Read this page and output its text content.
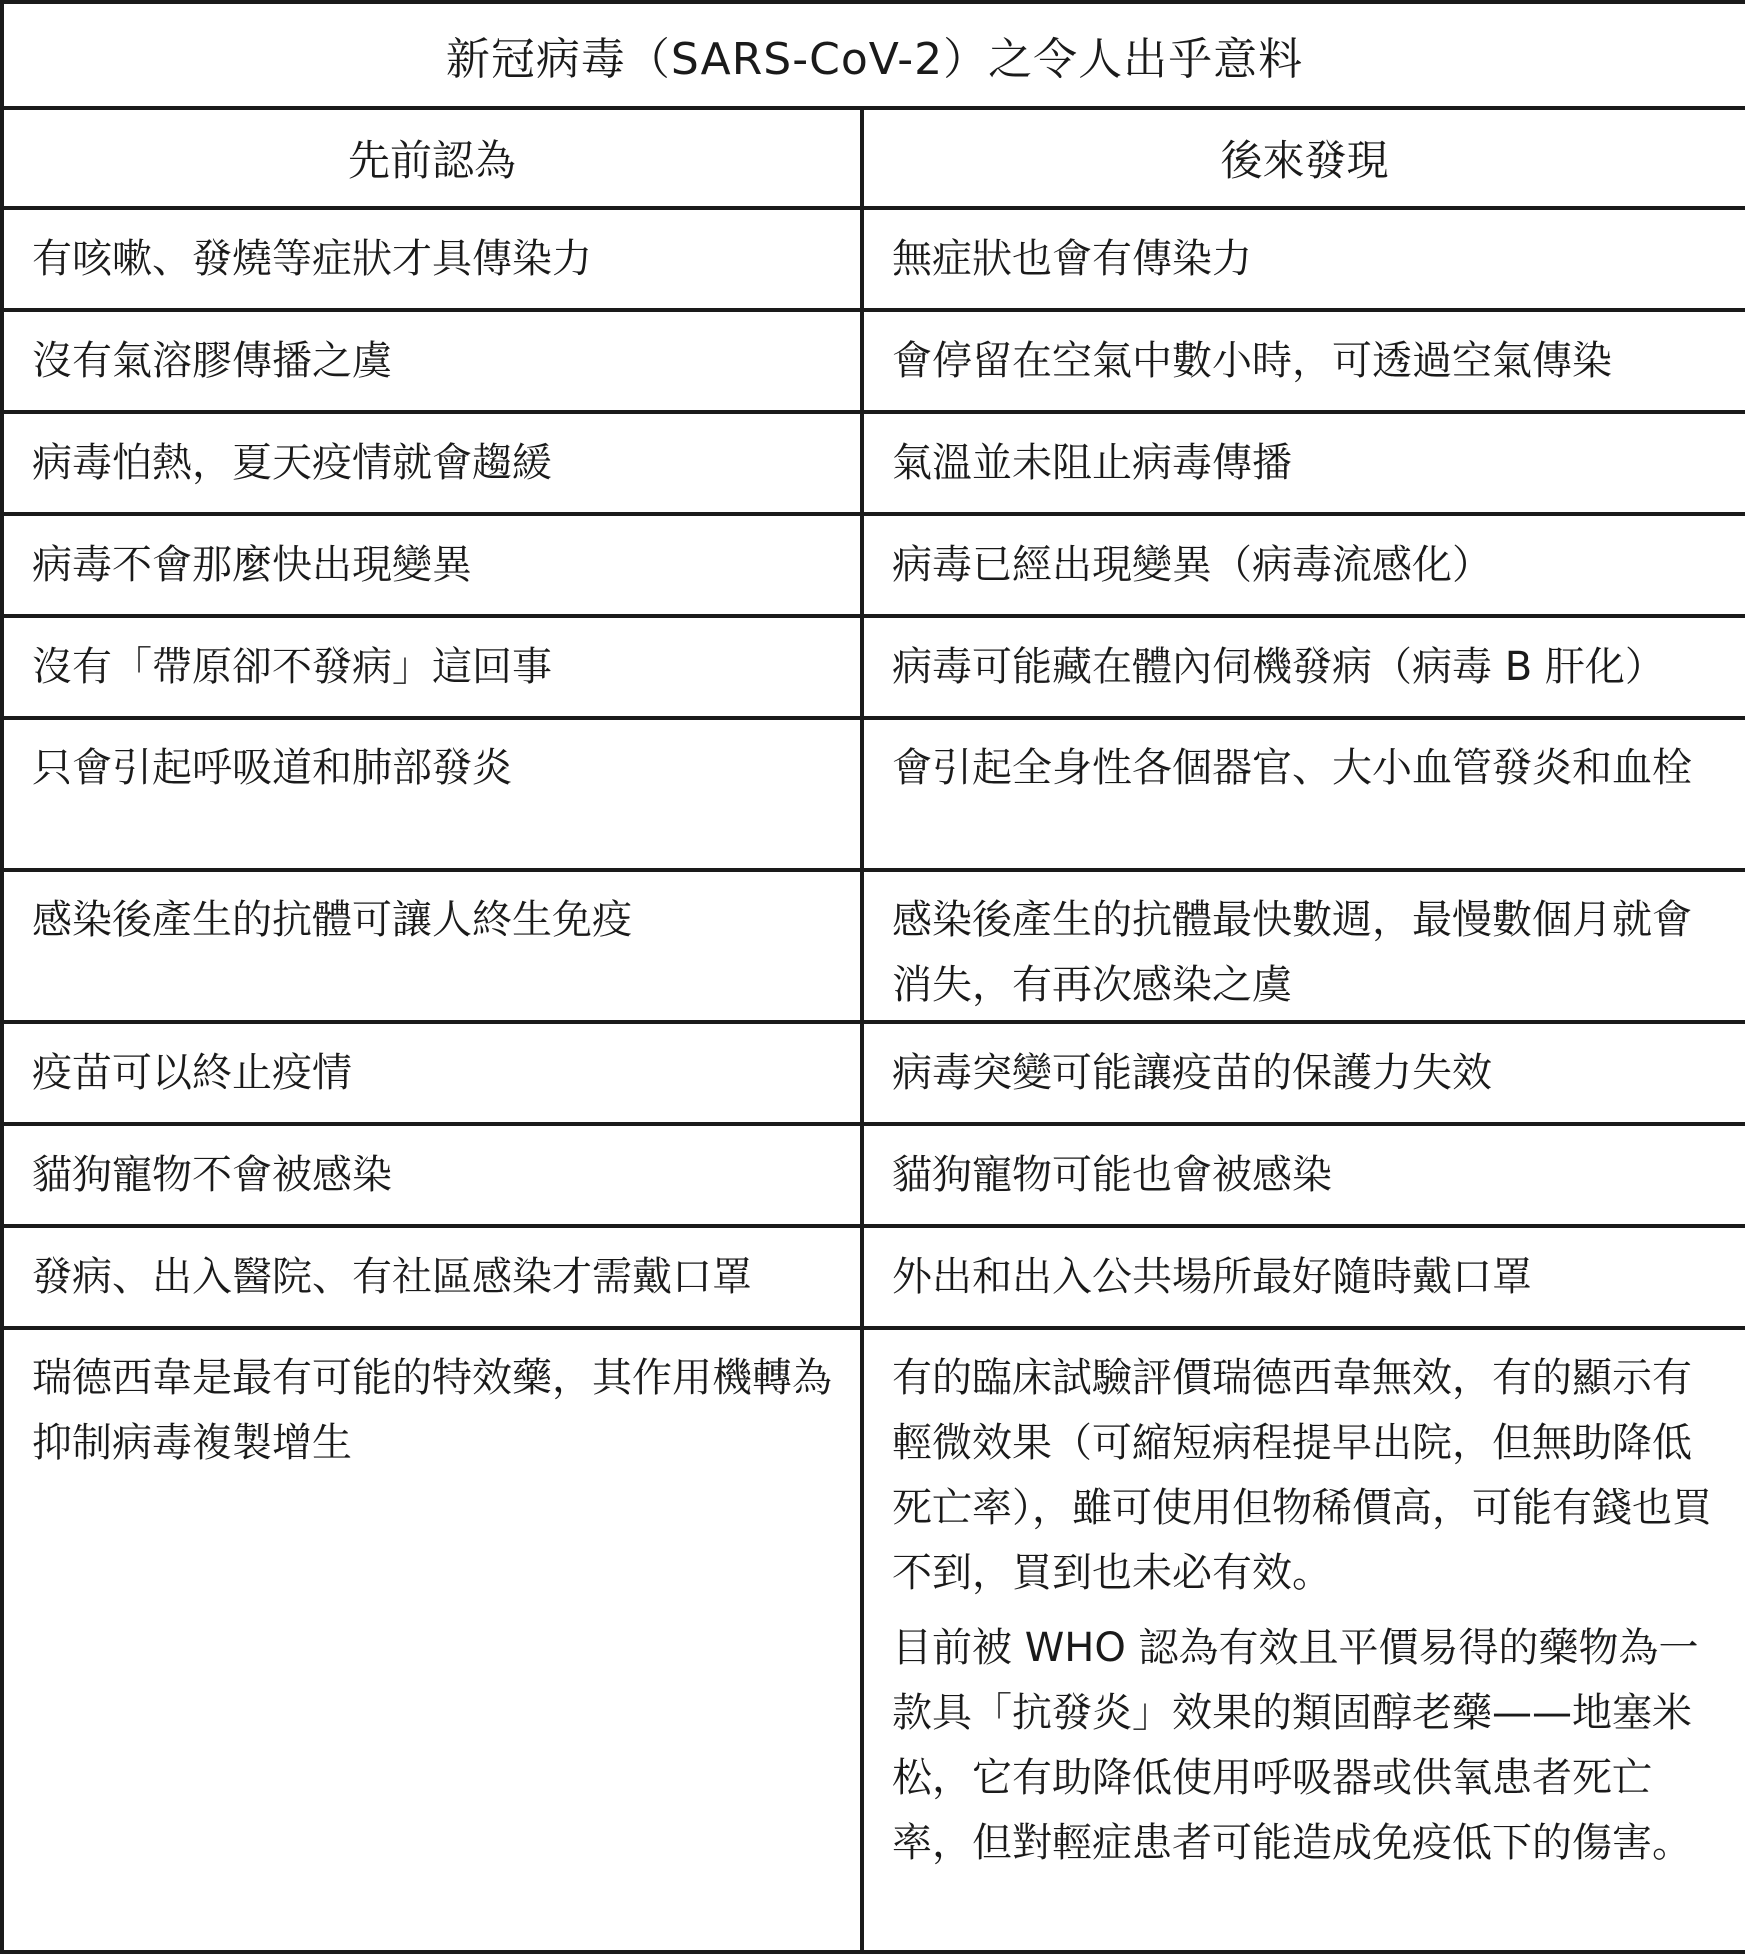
新冠病毒（SARS-CoV-2）之令人出乎意料	
先前認為	後來發現
有咳嗽、發燒等症狀才具傳染力	無症狀也會有傳染力

沒有氣溶膠傳播之虞	會停留在空氣中數小時，可透過空氣傳染

病毒怕熱，夏天疫情就會趨緩	氣溫並未阻止病毒傳播

病毒不會那麼快出現變異	病毒已經出現變異（病毒流感化）

沒有「帶原卻不發病」這回事	病毒可能藏在體內伺機發病（病毒 B 肝化）

只會引起呼吸道和肺部發炎	會引起全身性各個器官、大小血管發炎和血栓

感染後產生的抗體可讓人終生免疫	感染後產生的抗體最快數週，最慢數個月就會消失，有再次感染之虞

疫苗可以終止疫情	病毒突變可能讓疫苗的保護力失效

貓狗寵物不會被感染	貓狗寵物可能也會被感染

發病、出入醫院、有社區感染才需戴口罩	外出和出入公共場所最好隨時戴口罩

瑞德西韋是最有可能的特效藥，其作用機轉為抑制病毒複製增生	有的臨床試驗評價瑞德西韋無效，有的顯示有輕微效果（可縮短病程提早出院，但無助降低死亡率），雖可使用但物稀價高，可能有錢也買不到，買到也未必有效。
目前被 WHO 認為有效且平價易得的藥物為一款具「抗發炎」效果的類固醇老藥——地塞米松，它有助降低使用呼吸器或供氧患者死亡率，但對輕症患者可能造成免疫低下的傷害。
